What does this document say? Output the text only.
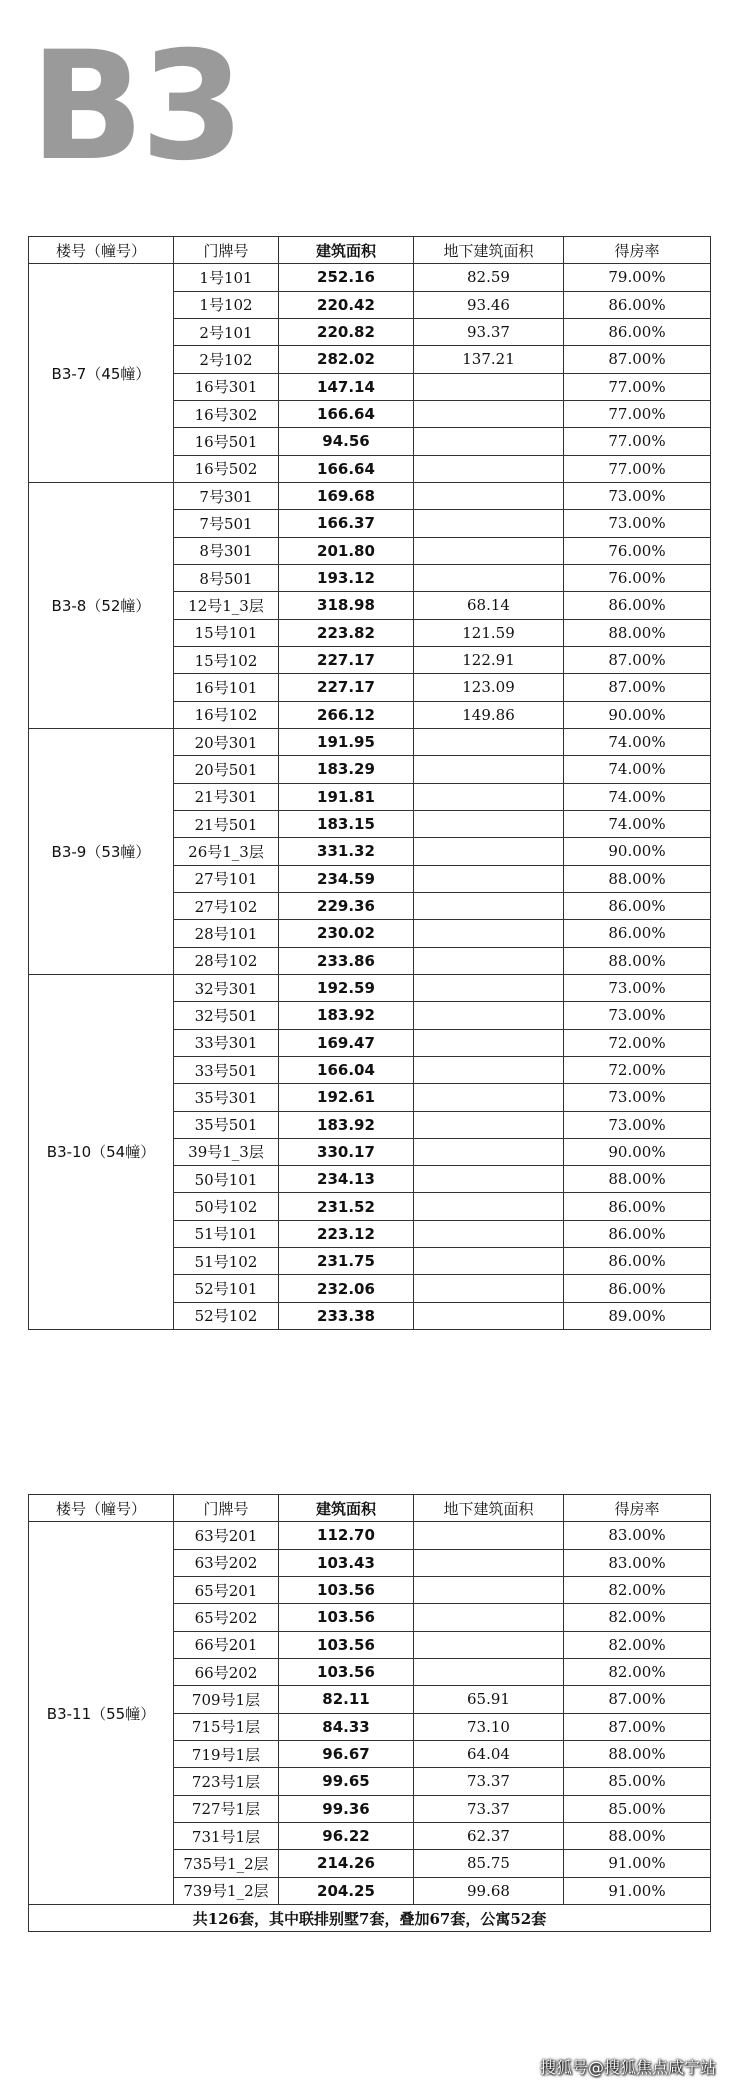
B3
楼号（幢号）	门牌号	建筑面积	地下建筑面积	得房率
B3-7（45幢）	1号101	252.16	82.59	79.00%
	1号102	220.42	93.46	86.00%
	2号101	220.82	93.37	86.00%
	2号102	282.02	137.21	87.00%
	16号301	147.14		77.00%
	16号302	166.64		77.00%
	16号501	94.56		77.00%
	16号502	166.64		77.00%
B3-8（52幢）	7号301	169.68		73.00%
	7号501	166.37		73.00%
	8号301	201.80		76.00%
	8号501	193.12		76.00%
	12号1_3层	318.98	68.14	86.00%
	15号101	223.82	121.59	88.00%
	15号102	227.17	122.91	87.00%
	16号101	227.17	123.09	87.00%
	16号102	266.12	149.86	90.00%
B3-9（53幢）	20号301	191.95		74.00%
	20号501	183.29		74.00%
	21号301	191.81		74.00%
	21号501	183.15		74.00%
	26号1_3层	331.32		90.00%
	27号101	234.59		88.00%
	27号102	229.36		86.00%
	28号101	230.02		86.00%
	28号102	233.86		88.00%
B3-10（54幢）	32号301	192.59		73.00%
	32号501	183.92		73.00%
	33号301	169.47		72.00%
	33号501	166.04		72.00%
	35号301	192.61		73.00%
	35号501	183.92		73.00%
	39号1_3层	330.17		90.00%
	50号101	234.13		88.00%
	50号102	231.52		86.00%
	51号101	223.12		86.00%
	51号102	231.75		86.00%
	52号101	232.06		86.00%
	52号102	233.38		89.00%
楼号（幢号）	门牌号	建筑面积	地下建筑面积	得房率
B3-11（55幢）	63号201	112.70		83.00%
	63号202	103.43		83.00%
	65号201	103.56		82.00%
	65号202	103.56		82.00%
	66号201	103.56		82.00%
	66号202	103.56		82.00%
	709号1层	82.11	65.91	87.00%
	715号1层	84.33	73.10	87.00%
	719号1层	96.67	64.04	88.00%
	723号1层	99.65	73.37	85.00%
	727号1层	99.36	73.37	85.00%
	731号1层	96.22	62.37	88.00%
	735号1_2层	214.26	85.75	91.00%
	739号1_2层	204.25	99.68	91.00%
共126套，其中联排别墅7套，叠加67套，公寓52套				
搜狐号@搜狐焦点咸宁站
